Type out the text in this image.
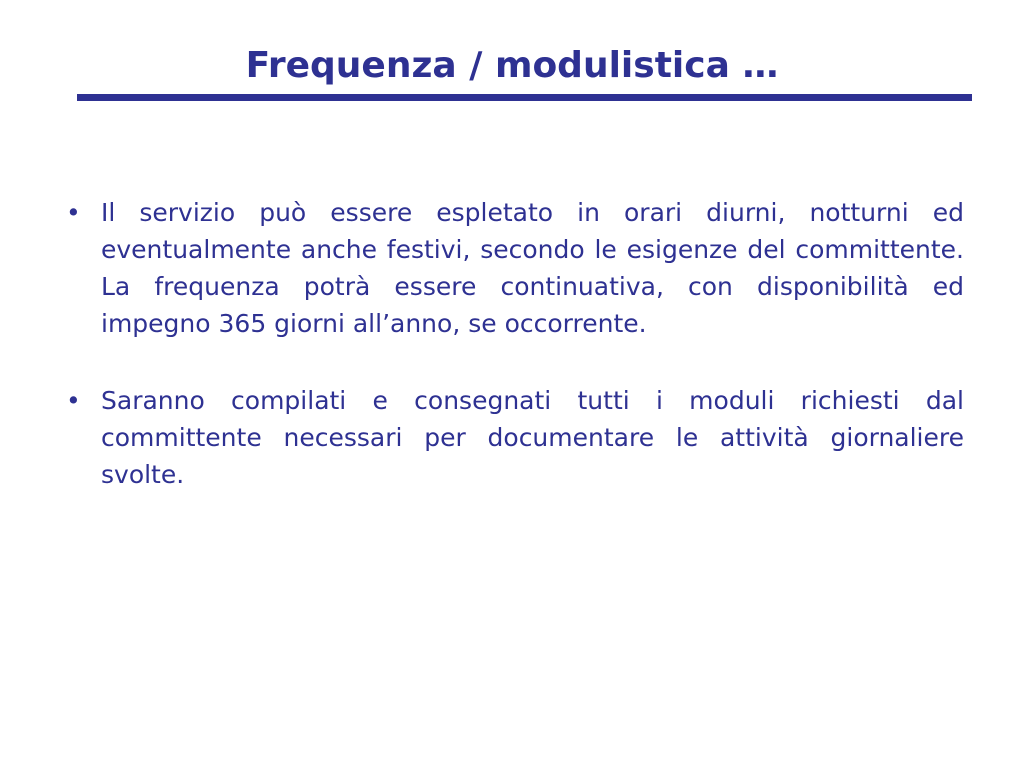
Frequenza / modulistica …
•
Il servizio può essere espletato in orari diurni, notturni ed eventualmente anche festivi, secondo le esigenze del committente. La frequenza potrà essere continuativa, con disponibilità ed impegno 365 giorni all’anno, se occorrente.
•
Saranno compilati e consegnati tutti i moduli richiesti dal committente necessari per documentare le attività giornaliere svolte.
